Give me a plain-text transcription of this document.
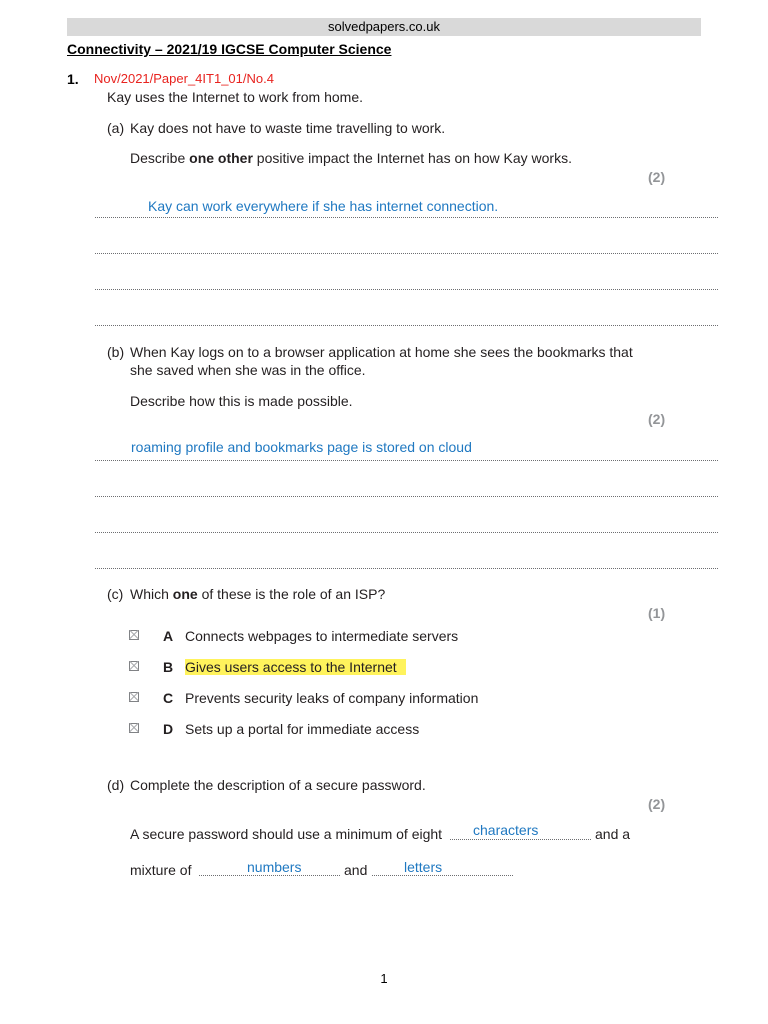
solvedpapers.co.uk
Connectivity – 2021/19 IGCSE Computer Science
1. Nov/2021/Paper_4IT1_01/No.4
Kay uses the Internet to work from home.
(a) Kay does not have to waste time travelling to work.
Describe one other positive impact the Internet has on how Kay works.
(2)
Kay can work everywhere if she has internet connection.
(b) When Kay logs on to a browser application at home she sees the bookmarks that
she saved when she was in the office.
Describe how this is made possible.
(2)
roaming profile and bookmarks page is stored on cloud
(c) Which one of these is the role of an ISP?
(1)
A Connects webpages to intermediate servers
B Gives users access to the Internet
C Prevents security leaks of company information
D Sets up a portal for immediate access
(d) Complete the description of a secure password.
(2)
A secure password should use a minimum of eight characters	and a
mixture of	numbers	and	letters
1
